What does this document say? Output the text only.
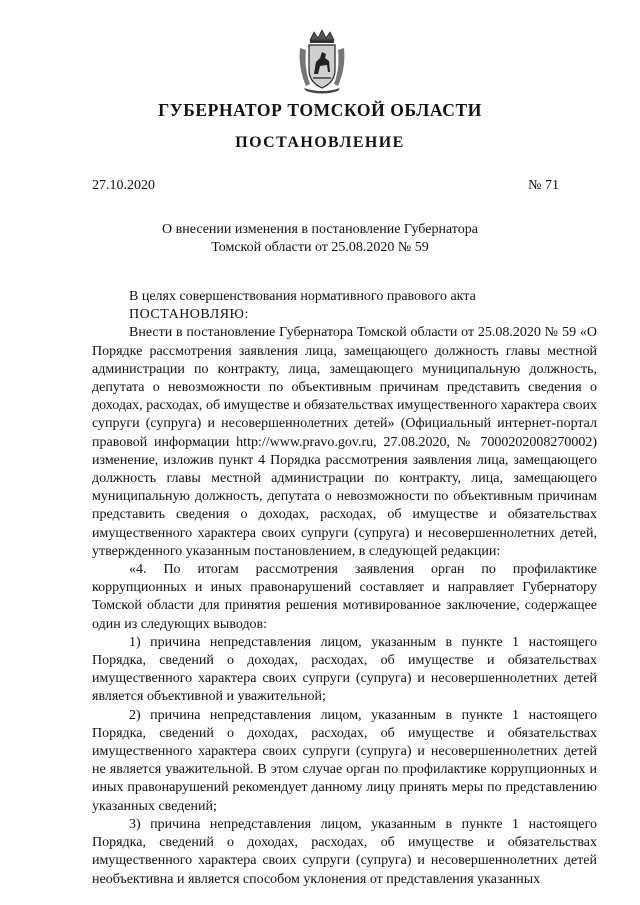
ГУБЕРНАТОР ТОМСКОЙ ОБЛАСТИ
ПОСТАНОВЛЕНИЕ
27.10.2020	№ 71
О внесении изменения в постановление Губернатора
Томской области от 25.08.2020 № 59

В целях совершенствования нормативного правового акта

ПОСТАНОВЛЯЮ:

Внести в постановление Губернатора Томской области от 25.08.2020 № 59 «О Порядке рассмотрения заявления лица, замещающего должность главы местной администрации по контракту, лица, замещающего муниципальную должность, депутата о невозможности по объективным причинам представить сведения о доходах, расходах, об имуществе и обязательствах имущественного характера своих супруги (супруга) и несовершеннолетних детей» (Официальный интернет-портал правовой информации http://www.pravo.gov.ru, 27.08.2020, № 7000202008270002) изменение, изложив пункт 4 Порядка рассмотрения заявления лица, замещающего должность главы местной администрации по контракту, лица, замещающего муниципальную должность, депутата о невозможности по объективным причинам представить сведения о доходах, расходах, об имуществе и обязательствах имущественного характера своих супруги (супруга) и несовершеннолетних детей, утвержденного указанным постановлением, в следующей редакции:

«4. По итогам рассмотрения заявления орган по профилактике коррупционных и иных правонарушений составляет и направляет Губернатору Томской области для принятия решения мотивированное заключение, содержащее один из следующих выводов:

1) причина непредставления лицом, указанным в пункте 1 настоящего Порядка, сведений о доходах, расходах, об имуществе и обязательствах имущественного характера своих супруги (супруга) и несовершеннолетних детей является объективной и уважительной;

2) причина непредставления лицом, указанным в пункте 1 настоящего Порядка, сведений о доходах, расходах, об имуществе и обязательствах имущественного характера своих супруги (супруга) и несовершеннолетних детей не является уважительной. В этом случае орган по профилактике коррупционных и иных правонарушений рекомендует данному лицу принять меры по представлению указанных сведений;

3) причина непредставления лицом, указанным в пункте 1 настоящего Порядка, сведений о доходах, расходах, об имуществе и обязательствах имущественного характера своих супруги (супруга) и несовершеннолетних детей необъективна и является способом уклонения от представления указанных
